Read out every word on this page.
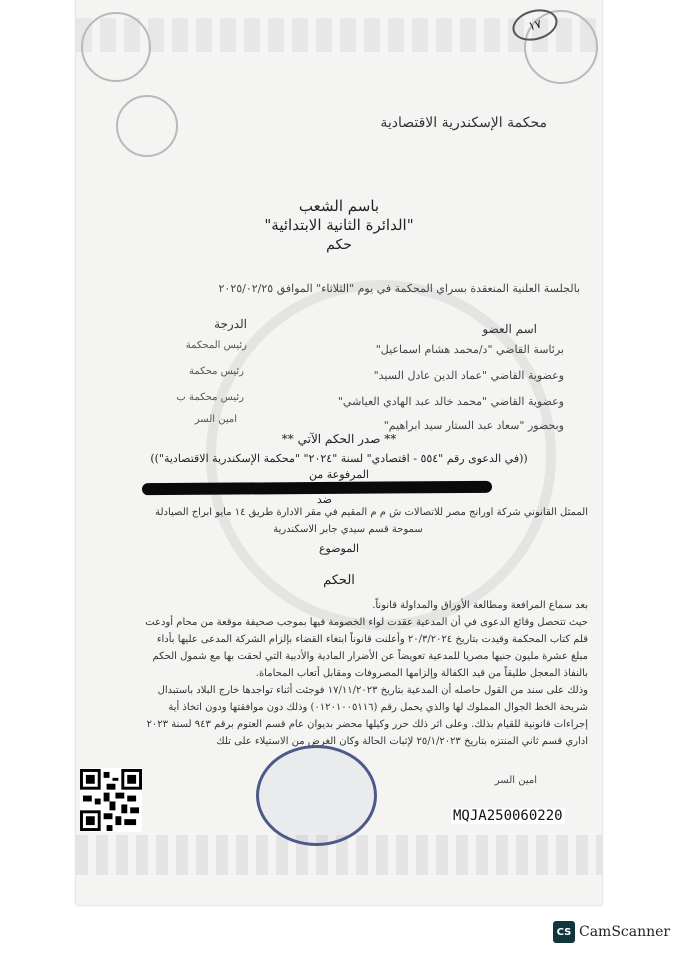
١٧
محكمة الإسكندرية الاقتصادية
باسم الشعب
"الدائرة الثانية الابتدائية"
حكم
بالجلسة العلنية المنعقدة بسراي المحكمة في يوم "الثلاثاء" الموافق ٢٠٢٥/٠٢/٢٥
اسم العضو
الدرجة
برئاسة القاضي "د/محمد هشام اسماعيل"
رئيس المحكمة
وعضوية القاضي "عماد الدين عادل السيد"
رئيس محكمة
وعضوية القاضي "محمد خالد عبد الهادي العياشي"
رئيس محكمة ب
وبحضور "سعاد عبد الستار سيد ابراهيم"
امين السر
** صدر الحكم الآتي **
((في الدعوى رقم "٥٥٤ - اقتصادي" لسنة "٢٠٢٤" "محكمة الإسكندرية الاقتصادية"))
المرفوعة من
ضد
الممثل القانوني شركة اورانج مصر للاتصالات ش م م المقيم في مقر الادارة طريق ١٤ مايو ابراج الصيادلة
سموحة قسم سيدي جابر الاسكندرية
الموضوع
الحكم
بعد سماع المرافعة ومطالعة الأوراق والمداولة قانوناً.
حيث تتحصل وقائع الدعوى في أن المدعية عقدت لواء الخصومة فيها بموجب صحيفة موقعة من محام أودعت
قلم كتاب المحكمة وقيدت بتاريخ ٢٠/٣/٢٠٢٤ وأعلنت قانوناً ابتغاء القضاء بإلزام الشركة المدعى عليها بأداء
مبلغ عشرة مليون جنيها مصريا للمدعية تعويضاً عن الأضرار المادية والأدبية التي لحقت بها مع شمول الحكم
بالنفاذ المعجل طليقاً من قيد الكفالة وإلزامها المصروفات ومقابل أتعاب المحاماة.
وذلك على سند من القول حاصله أن المدعية بتاريخ ١٧/١١/٢٠٢٣ فوجئت أثناء تواجدها خارج البلاد باستبدال
شريحة الخط الجوال المملوك لها والذي يحمل رقم (٠١٢٠١٠٠٥١١٦) وذلك دون موافقتها ودون اتخاذ أية
إجراءات قانونية للقيام بذلك. وعلى اثر ذلك حرر وكيلها محضر بديوان عام قسم العتوم برقم ٩٤٣ لسنة ٢٠٢٣
اداري قسم ثاني المنتزه بتاريخ ٢٥/١/٢٠٢٣ لإثبات الحالة وكان الغرض من الاستيلاء على تلك
امين السر
MQJA250060220
CS CamScanner
